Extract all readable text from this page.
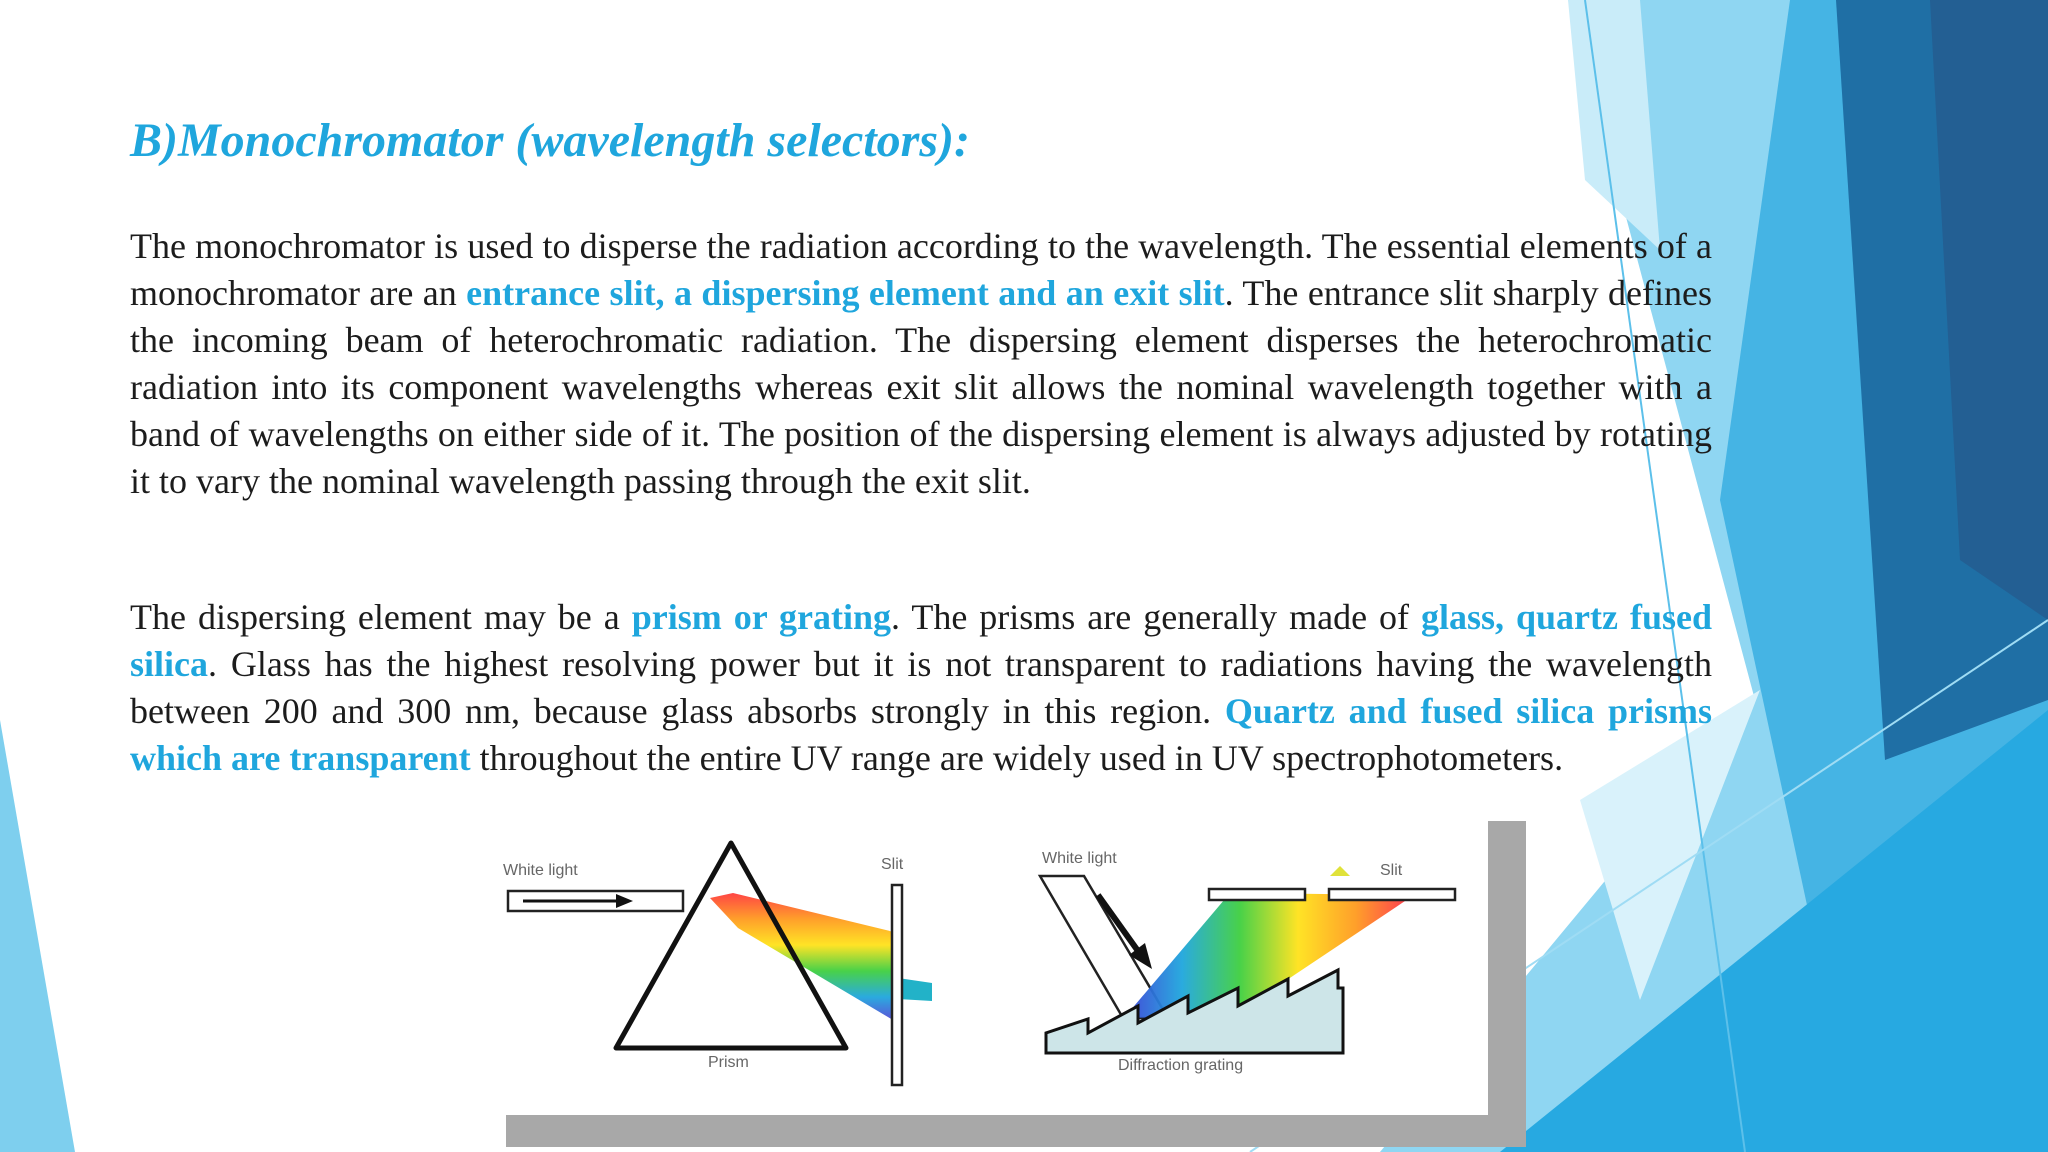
B)Monochromator (wavelength selectors):

The monochromator is used to disperse the radiation according to the wavelength. The essential elements of a monochromator are an entrance slit, a dispersing element and an exit slit. The entrance slit sharply defines the incoming beam of heterochromatic radiation. The dispersing element disperses the heterochromatic radiation into its component wavelengths whereas exit slit allows the nominal wavelength together with a band of wavelengths on either side of it. The position of the dispersing element is always adjusted by rotating it to vary the nominal wavelength passing through the exit slit.

The dispersing element may be a prism or grating. The prisms are generally made of glass, quartz fused silica. Glass has the highest resolving power but it is not transparent to radiations having the wavelength between 200 and 300 nm, because glass absorbs strongly in this region. Quartz and fused silica prisms which are transparent throughout the entire UV range are widely used in UV spectrophotometers.

White light	Slit
Prism
White light
Slit
Diffraction grating
